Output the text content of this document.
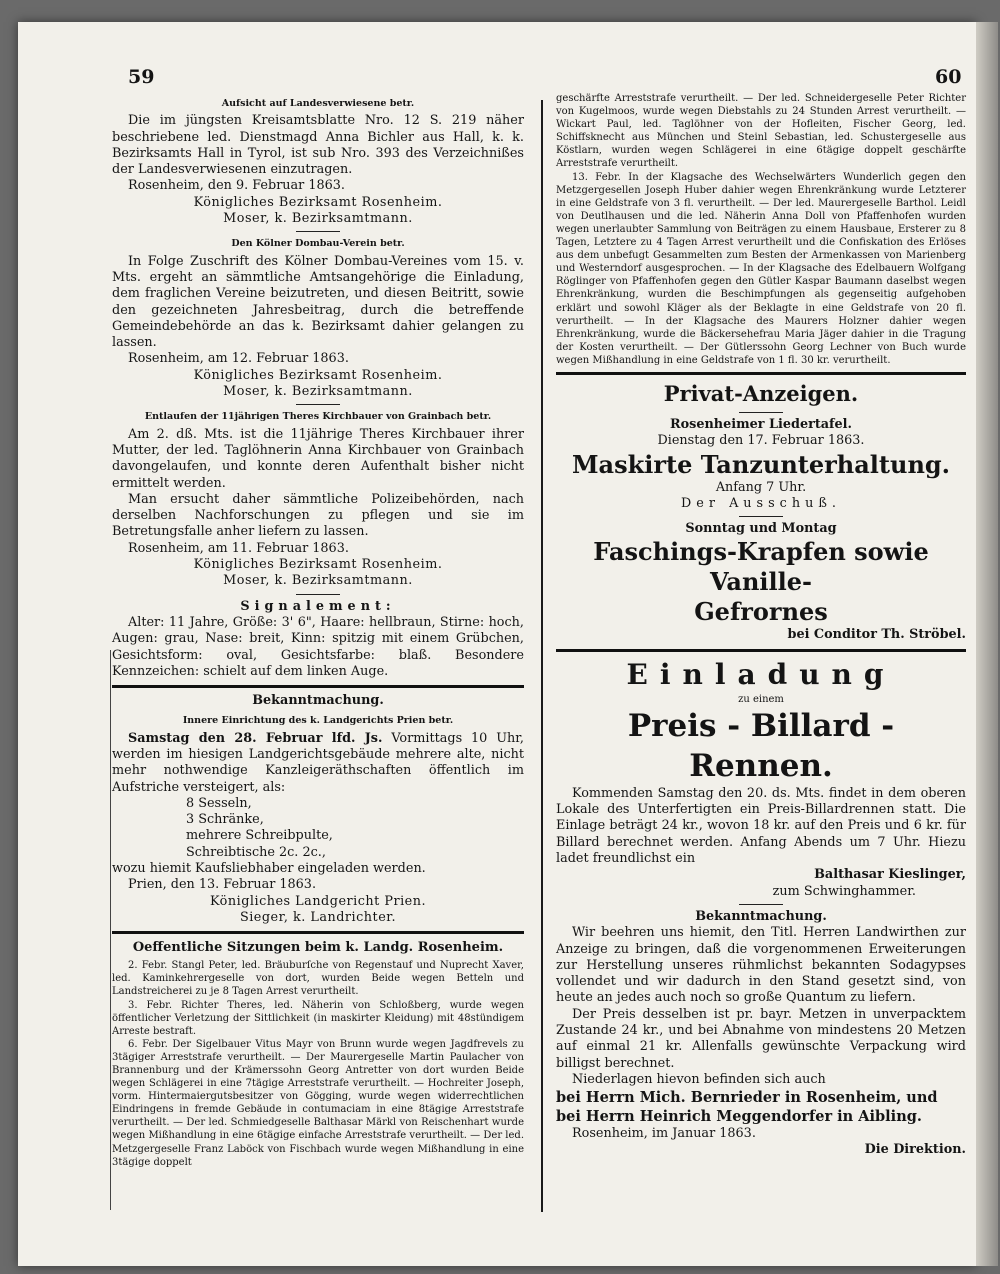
59	60
Aufsicht auf Landesverwiesene betr.

Die im jüngsten Kreisamtsblatte Nro. 12 S. 219 näher beschriebene led. Dienstmagd Anna Bichler aus Hall, k. k. Bezirksamts Hall in Tyrol, ist sub Nro. 393 des Verzeichnißes der Landesverwiesenen einzutragen.

Rosenheim, den 9. Februar 1863.

Königliches Bezirksamt Rosenheim.

Moser, k. Bezirksamtmann.

Den Kölner Dombau-Verein betr.

In Folge Zuschrift des Kölner Dombau-Vereines vom 15. v. Mts. ergeht an sämmtliche Amtsangehörige die Einladung, dem fraglichen Vereine beizutreten, und diesen Beitritt, sowie den gezeichneten Jahresbeitrag, durch die betreffende Gemeindebehörde an das k. Bezirksamt dahier gelangen zu lassen.

Rosenheim, am 12. Februar 1863.

Königliches Bezirksamt Rosenheim.

Moser, k. Bezirksamtmann.

Entlaufen der 11jährigen Theres Kirchbauer von Grainbach betr.

Am 2. dß. Mts. ist die 11jährige Theres Kirchbauer ihrer Mutter, der led. Taglöhnerin Anna Kirchbauer von Grainbach davongelaufen, und konnte deren Aufenthalt bisher nicht ermittelt werden.

Man ersucht daher sämmtliche Polizeibehörden, nach derselben Nachforschungen zu pflegen und sie im Betretungsfalle anher liefern zu lassen.

Rosenheim, am 11. Februar 1863.

Königliches Bezirksamt Rosenheim.

Moser, k. Bezirksamtmann.

Signalement:

Alter: 11 Jahre, Größe: 3' 6", Haare: hellbraun, Stirne: hoch, Augen: grau, Nase: breit, Kinn: spitzig mit einem Grübchen, Gesichtsform: oval, Gesichtsfarbe: blaß. Besondere Kennzeichen: schielt auf dem linken Auge.

Bekanntmachung.

Innere Einrichtung des k. Landgerichts Prien betr.

Samstag den 28. Februar lfd. Js. Vormittags 10 Uhr, werden im hiesigen Landgerichtsgebäude mehrere alte, nicht mehr nothwendige Kanzleigeräthschaften öffentlich im Aufstriche versteigert, als:

8 Sesseln,
3 Schränke,
mehrere Schreibpulte,
Schreibtische 2c. 2c.,

wozu hiemit Kaufsliebhaber eingeladen werden.

Prien, den 13. Februar 1863.

Königliches Landgericht Prien.

Sieger, k. Landrichter.

Oeffentliche Sitzungen beim k. Landg. Rosenheim.

2. Febr. Stangl Peter, led. Bräuburſche von Regenstauf und Nuprecht Xaver, led. Kaminkehrergeselle von dort, wurden Beide wegen Betteln und Landstreicherei zu je 8 Tagen Arrest verurtheilt.

3. Febr. Richter Theres, led. Näherin von Schloßberg, wurde wegen öffentlicher Verletzung der Sittlichkeit (in maskirter Kleidung) mit 48stündigem Arreste bestraft.

6. Febr. Der Sigelbauer Vitus Mayr von Brunn wurde wegen Jagdfrevels zu 3tägiger Arreststrafe verurtheilt. — Der Maurergeselle Martin Paulacher von Brannenburg und der Krämerssohn Georg Antretter von dort wurden Beide wegen Schlägerei in eine 7tägige Arreststrafe verurtheilt. — Hochreiter Joseph, vorm. Hintermaiergutsbesitzer von Gögging, wurde wegen widerrechtlichen Eindringens in fremde Gebäude in contumaciam in eine 8tägige Arreststrafe verurtheilt. — Der led. Schmiedgeselle Balthasar Märkl von Reischenhart wurde wegen Mißhandlung in eine 6tägige einfache Arreststrafe verurtheilt. — Der led. Metzgergeselle Franz Laböck von Fischbach wurde wegen Mißhandlung in eine 3tägige doppelt

geschärfte Arreststrafe verurtheilt. — Der led. Schneidergeselle Peter Richter von Kugelmoos, wurde wegen Diebstahls zu 24 Stunden Arrest verurtheilt. — Wickart Paul, led. Taglöhner von der Hofleiten, Fischer Georg, led. Schiffsknecht aus München und Steinl Sebastian, led. Schustergeselle aus Köstlarn, wurden wegen Schlägerei in eine 6tägige doppelt geschärfte Arreststrafe verurtheilt.

13. Febr. In der Klagsache des Wechselwärters Wunderlich gegen den Metzgergesellen Joseph Huber dahier wegen Ehrenkränkung wurde Letzterer in eine Geldstrafe von 3 fl. verurtheilt. — Der led. Maurergeselle Barthol. Leidl von Deutlhausen und die led. Näherin Anna Doll von Pfaffenhofen wurden wegen unerlaubter Sammlung von Beiträgen zu einem Hausbaue, Ersterer zu 8 Tagen, Letztere zu 4 Tagen Arrest verurtheilt und die Confiskation des Erlöses aus dem unbefugt Gesammelten zum Besten der Armenkassen von Marienberg und Westerndorf ausgesprochen. — In der Klagsache des Edelbauern Wolfgang Röglinger von Pfaffenhofen gegen den Gütler Kaspar Baumann daselbst wegen Ehrenkränkung, wurden die Beschimpfungen als gegenseitig aufgehoben erklärt und sowohl Kläger als der Beklagte in eine Geldstrafe von 20 fl. verurtheilt. — In der Klagsache des Maurers Holzner dahier wegen Ehrenkränkung, wurde die Bäckersehefrau Maria Jäger dahier in die Tragung der Kosten verurtheilt. — Der Gütlerssohn Georg Lechner von Buch wurde wegen Mißhandlung in eine Geldstrafe von 1 fl. 30 kr. verurtheilt.

Privat-Anzeigen.

Rosenheimer Liedertafel.

Dienstag den 17. Februar 1863.

Maskirte Tanzunterhaltung.

Anfang 7 Uhr.

Der Ausschuß.

Sonntag und Montag

Faschings-Krapfen sowie Vanille-
Gefrornes

bei Conditor Th. Ströbel.

Einladung

zu einem

Preis - Billard - Rennen.

Kommenden Samstag den 20. ds. Mts. findet in dem oberen Lokale des Unterfertigten ein Preis-Billardrennen statt. Die Einlage beträgt 24 kr., wovon 18 kr. auf den Preis und 6 kr. für Billard berechnet werden. Anfang Abends um 7 Uhr. Hiezu ladet freundlichst ein

Balthasar Kieslinger,

zum Schwinghammer.

Bekanntmachung.

Wir beehren uns hiemit, den Titl. Herren Landwirthen zur Anzeige zu bringen, daß die vorgenommenen Erweiterungen zur Herstellung unseres rühmlichst bekannten Sodagypses vollendet und wir dadurch in den Stand gesetzt sind, von heute an jedes auch noch so große Quantum zu liefern.

Der Preis desselben ist pr. bayr. Metzen in unverpacktem Zustande 24 kr., und bei Abnahme von mindestens 20 Metzen auf einmal 21 kr. Allenfalls gewünschte Verpackung wird billigst berechnet.

Niederlagen hievon befinden sich auch

bei Herrn Mich. Bernrieder in Rosenheim, und

bei Herrn Heinrich Meggendorfer in Aibling.

Rosenheim, im Januar 1863.

Die Direktion.
